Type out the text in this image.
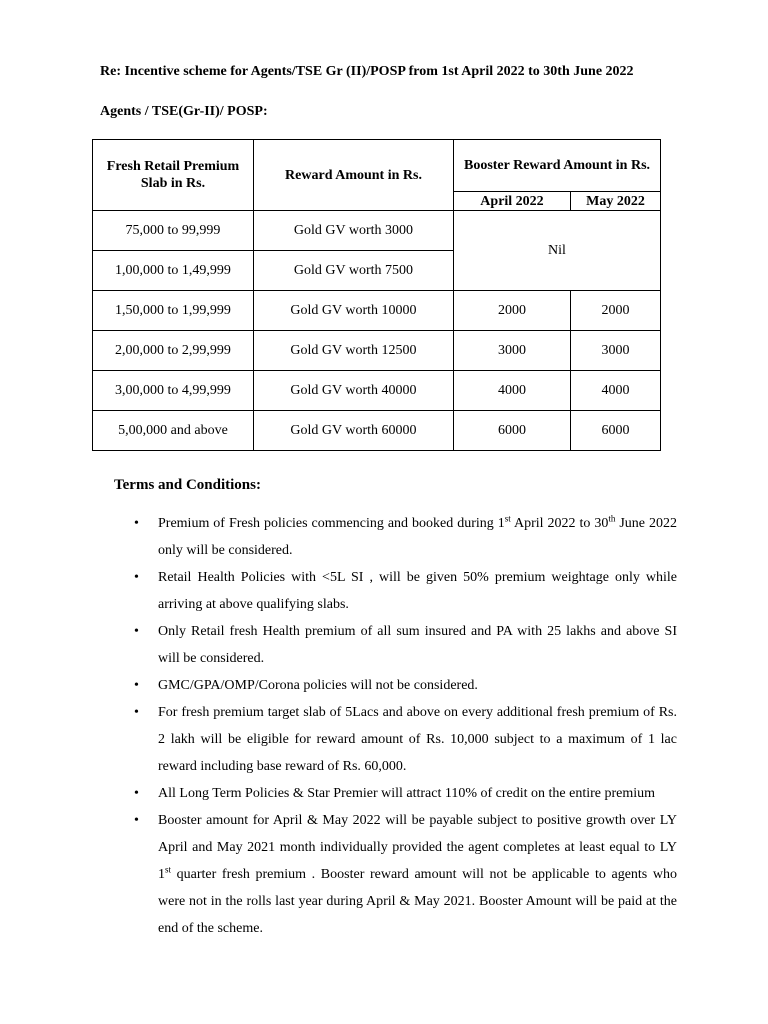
Re: Incentive scheme for Agents/TSE Gr (II)/POSP from 1st April 2022 to 30th June 2022
Agents / TSE(Gr-II)/ POSP:
Fresh Retail Premium Slab in Rs.	Reward Amount in Rs.	Booster Reward Amount in Rs.	
		April 2022	May 2022
75,000 to 99,999	Gold GV worth 3000	Nil	
1,00,000 to 1,49,999	Gold GV worth 7500		
1,50,000 to 1,99,999	Gold GV worth 10000	2000	2000
2,00,000 to 2,99,999	Gold GV worth 12500	3000	3000
3,00,000 to 4,99,999	Gold GV worth 40000	4000	4000
5,00,000 and above	Gold GV worth 60000	6000	6000
Terms and Conditions:
• Premium of Fresh policies commencing and booked during 1st April 2022 to 30th June 2022 only will be considered.
• Retail Health Policies with <5L SI , will be given 50% premium weightage only while arriving at above qualifying slabs.
• Only Retail fresh Health premium of all sum insured and PA with 25 lakhs and above SI will be considered.
• GMC/GPA/OMP/Corona policies will not be considered.
• For fresh premium target slab of 5Lacs and above on every additional fresh premium of Rs. 2 lakh will be eligible for reward amount of Rs. 10,000 subject to a maximum of 1 lac reward including base reward of Rs. 60,000.
• All Long Term Policies & Star Premier will attract 110% of credit on the entire premium
• Booster amount for April & May 2022 will be payable subject to positive growth over LY April and May 2021 month individually provided the agent completes at least equal to LY 1st quarter fresh premium . Booster reward amount will not be applicable to agents who were not in the rolls last year during April & May 2021. Booster Amount will be paid at the end of the scheme.
